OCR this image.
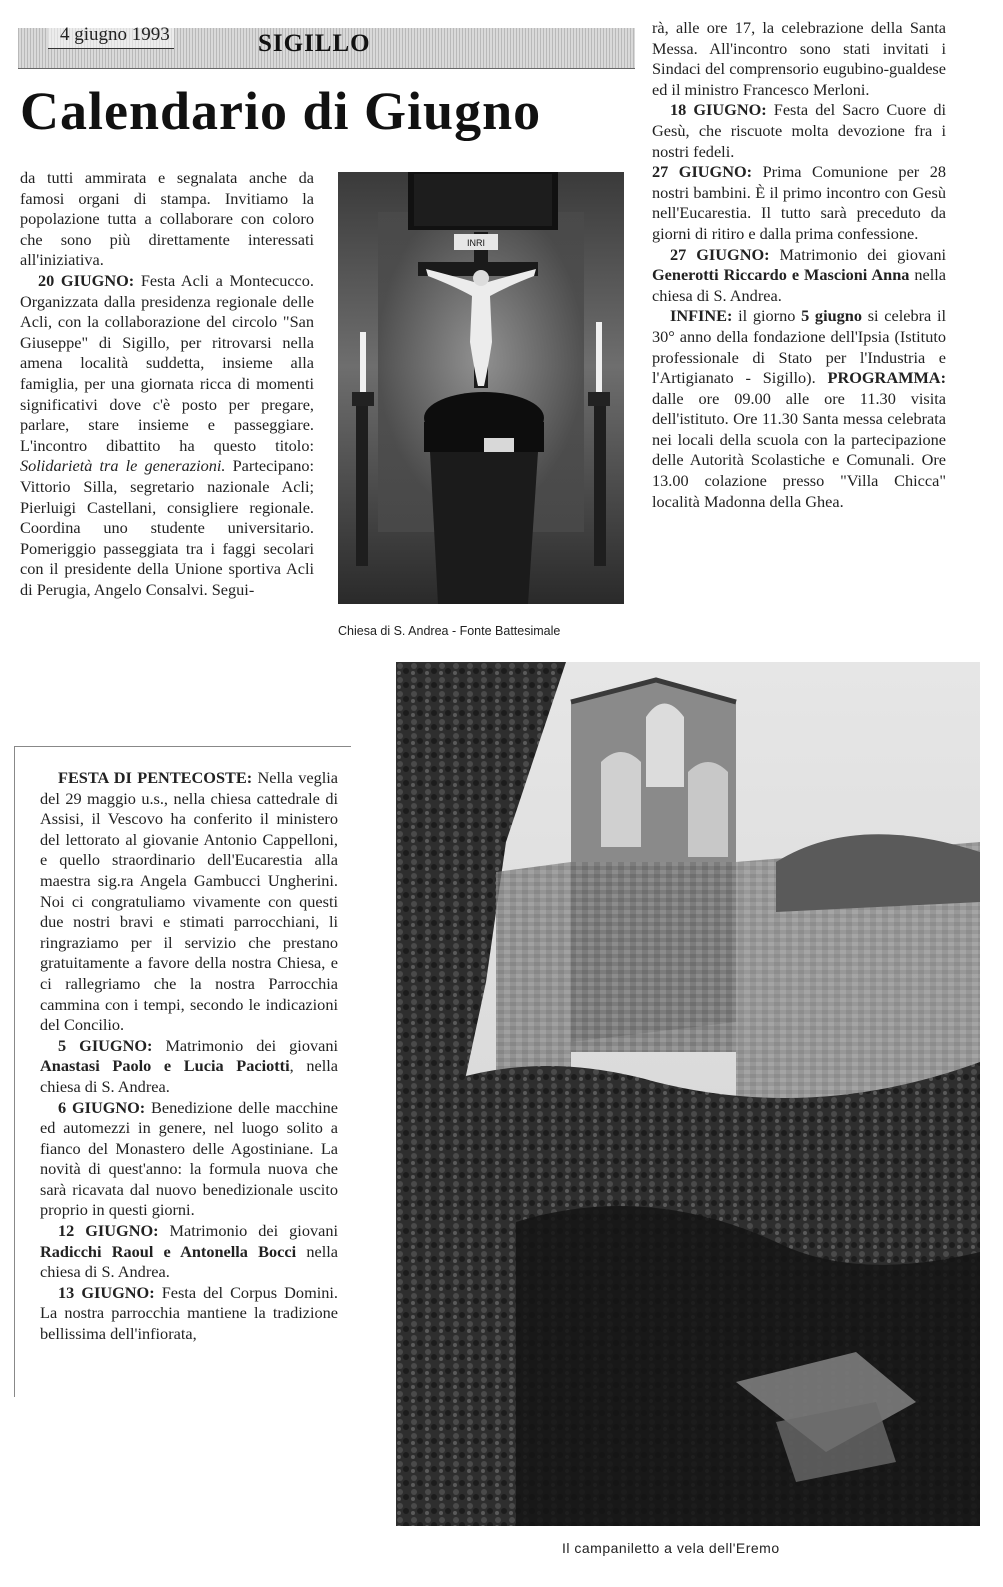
4 giugno 1993	SIGILLO
Calendario di Giugno

da tutti ammirata e segnalata anche da famosi organi di stampa. Invitiamo la popolazione tutta a collaborare con coloro che sono più direttamente interessati all'iniziativa.

20 GIUGNO: Festa Acli a Montecucco. Organizzata dalla presidenza regionale delle Acli, con la collaborazione del circolo "San Giuseppe" di Sigillo, per ritrovarsi nella amena località suddetta, insieme alla famiglia, per una giornata ricca di momenti significativi dove c'è posto per pregare, parlare, stare insieme e passeggiare. L'incontro dibattito ha questo titolo: Solidarietà tra le generazioni. Partecipano: Vittorio Silla, segretario nazionale Acli; Pierluigi Castellani, consigliere regionale. Coordina uno studente universitario. Pomeriggio passeggiata tra i faggi secolari con il presidente della Unione sportiva Acli di Perugia, Angelo Consalvi. Segui-

INRI
Chiesa di S. Andrea - Fonte Battesimale

rà, alle ore 17, la celebrazione della Santa Messa. All'incontro sono stati invitati i Sindaci del comprensorio eugubino-gualdese ed il ministro Francesco Merloni.

18 GIUGNO: Festa del Sacro Cuore di Gesù, che riscuote molta devozione fra i nostri fedeli.

27 GIUGNO: Prima Comunione per 28 nostri bambini. È il primo incontro con Gesù nell'Eucarestia. Il tutto sarà preceduto da giorni di ritiro e dalla prima confessione.

27 GIUGNO: Matrimonio dei giovani Generotti Riccardo e Mascioni Anna nella chiesa di S. Andrea.

INFINE: il giorno 5 giugno si celebra il 30° anno della fondazione dell'Ipsia (Istituto professionale di Stato per l'Industria e l'Artigianato - Sigillo). PROGRAMMA: dalle ore 09.00 alle ore 11.30 visita dell'istituto. Ore 11.30 Santa messa celebrata nei locali della scuola con la partecipazione delle Autorità Scolastiche e Comunali. Ore 13.00 colazione presso "Villa Chicca" località Madonna della Ghea.

FESTA DI PENTECOSTE: Nella veglia del 29 maggio u.s., nella chiesa cattedrale di Assisi, il Vescovo ha conferito il ministero del lettorato al giovanie Antonio Cappelloni, e quello straordinario dell'Eucarestia alla maestra sig.ra Angela Gambucci Ungherini. Noi ci congratuliamo vivamente con questi due nostri bravi e stimati parrocchiani, li ringraziamo per il servizio che prestano gratuitamente a favore della nostra Chiesa, e ci rallegriamo che la nostra Parrocchia cammina con i tempi, secondo le indicazioni del Concilio.

5 GIUGNO: Matrimonio dei giovani Anastasi Paolo e Lucia Paciotti, nella chiesa di S. Andrea.

6 GIUGNO: Benedizione delle macchine ed automezzi in genere, nel luogo solito a fianco del Monastero delle Agostiniane. La novità di quest'anno: la formula nuova che sarà ricavata dal nuovo benedizionale uscito proprio in questi giorni.

12 GIUGNO: Matrimonio dei giovani Radicchi Raoul e Antonella Bocci nella chiesa di S. Andrea.

13 GIUGNO: Festa del Corpus Domini. La nostra parrocchia mantiene la tradizione bellissima dell'infiorata,

Il campaniletto a vela dell'Eremo
